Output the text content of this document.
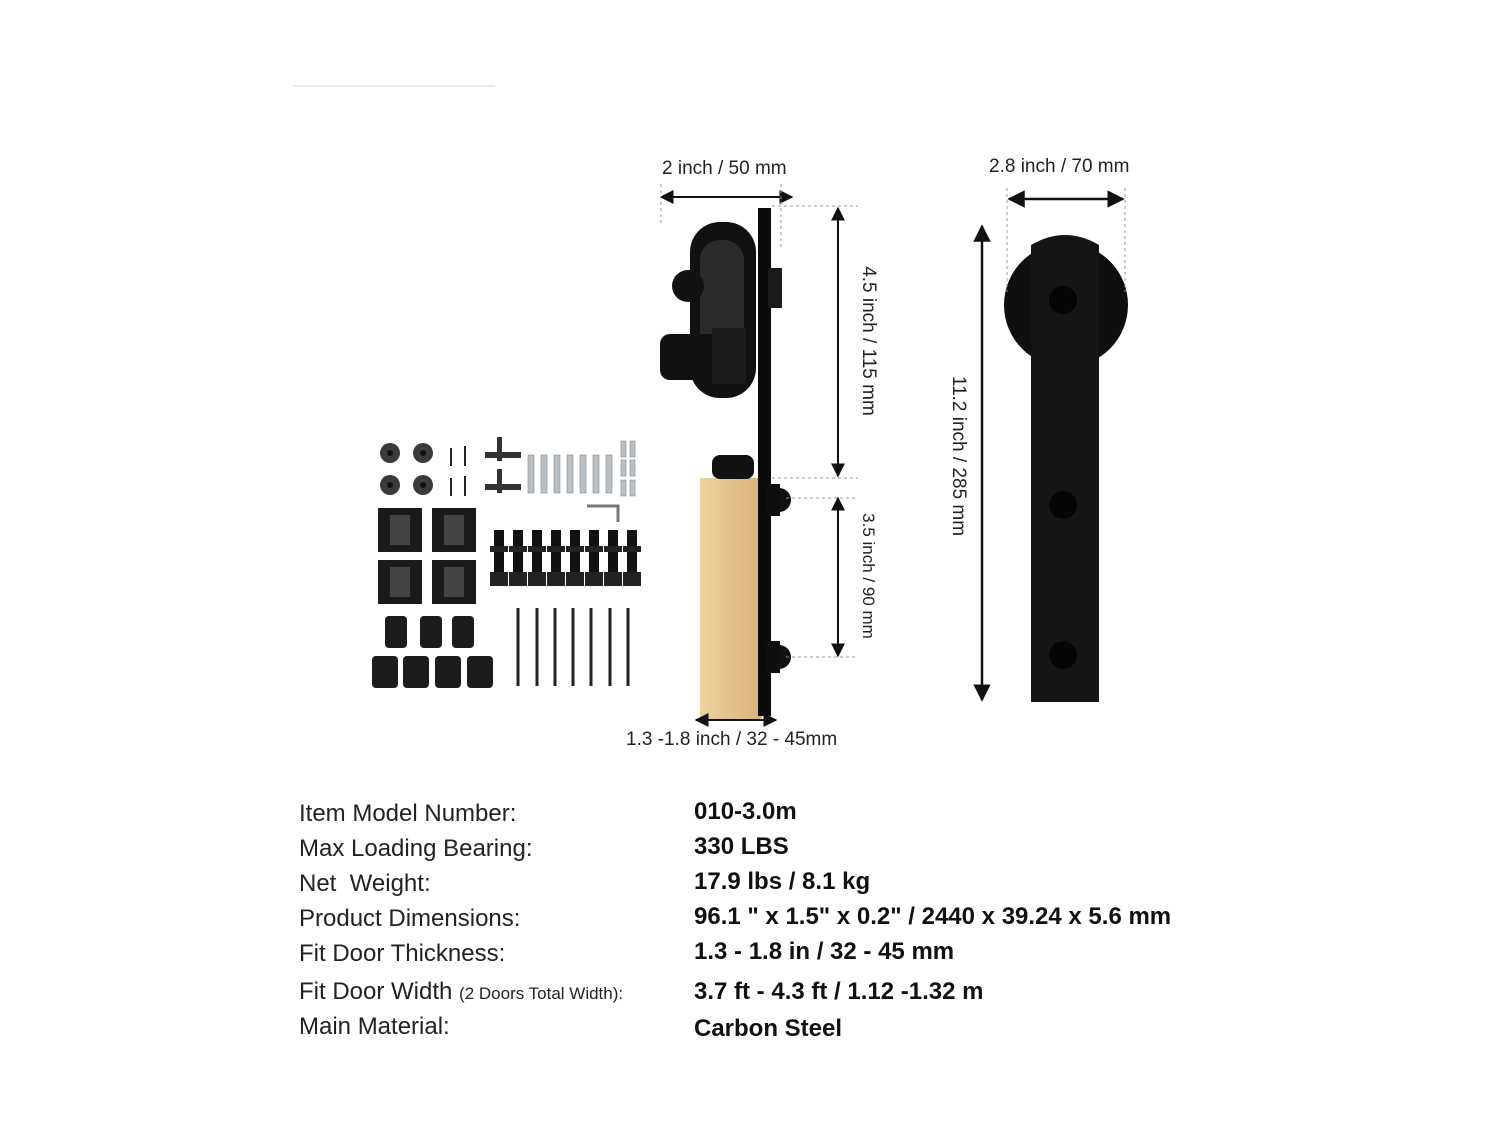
2 inch / 50 mm	2.8 inch / 70 mm
4.5 inch / 115 mm
3.5 inch / 90 mm
11.2 inch / 285 mm
1.3 -1.8 inch / 32 - 45mm
Item Model Number:	010-3.0m
Max Loading Bearing:	330 LBS
Net  Weight:	17.9 lbs / 8.1 kg
Product Dimensions:	96.1 " x 1.5" x 0.2" / 2440 x 39.24 x 5.6 mm
Fit Door Thickness:	1.3 - 1.8 in / 32 - 45 mm
Fit Door Width (2 Doors Total Width):	3.7 ft - 4.3 ft / 1.12 -1.32 m
Main Material:	Carbon Steel
